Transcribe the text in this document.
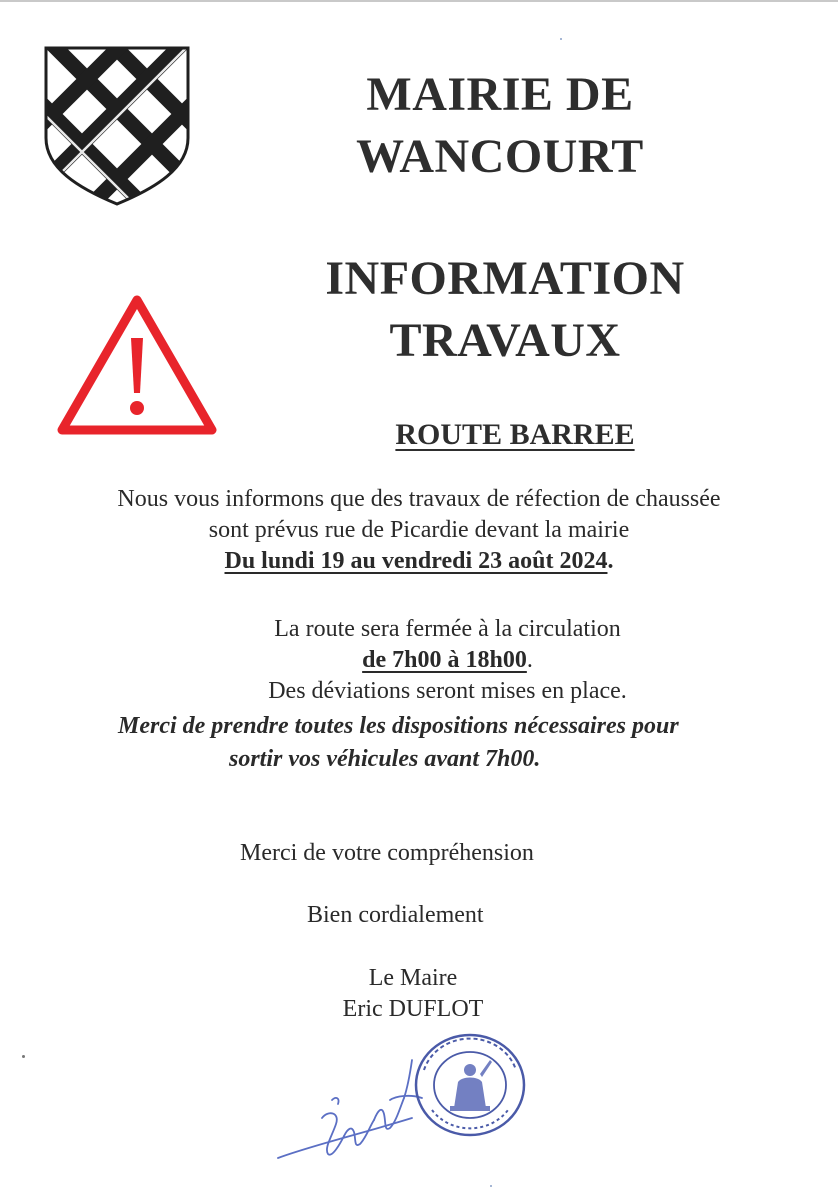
MAIRIE DE
WANCOURT
INFORMATION
TRAVAUX
ROUTE BARREE
Nous vous informons que des travaux de réfection de chaussée
sont prévus rue de Picardie devant la mairie
Du lundi 19 au vendredi 23 août 2024.
La route sera fermée à la circulation
de 7h00 à 18h00.
Des déviations seront mises en place.
Merci de prendre toutes les dispositions nécessaires pour
sortir vos véhicules avant 7h00.
Merci de votre compréhension
Bien cordialement
Le Maire
Eric DUFLOT
